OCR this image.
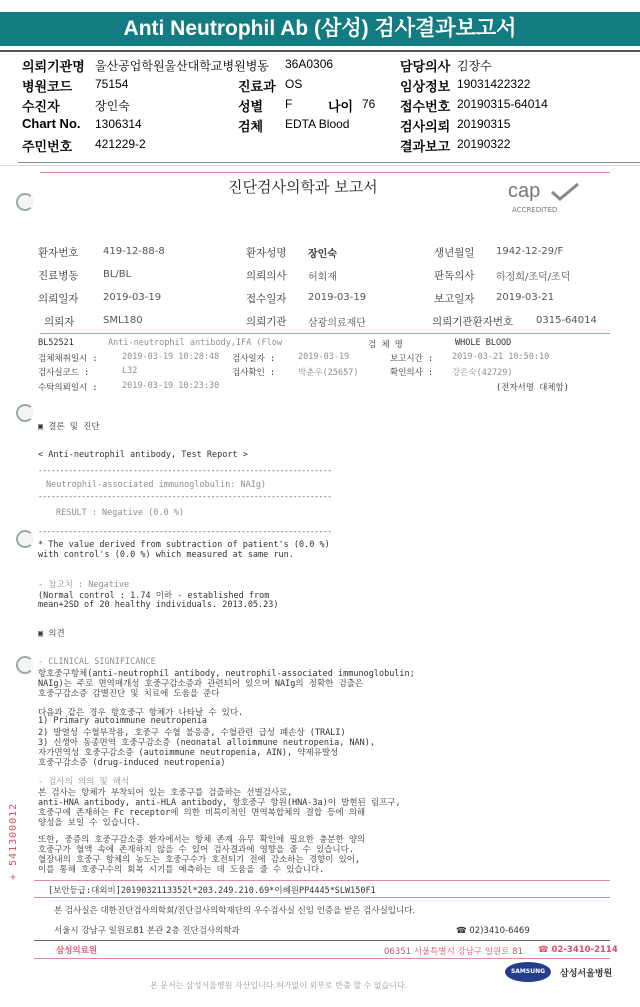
Anti Neutrophil Ab (삼성) 검사결과보고서
의뢰기관명 울산공업학원울산대학교병원병동 36A0306	담당의사 김장수
병원코드 75154	진료과 OS	임상정보 19031422322
수진자	장인숙	성별 F	나이 76 접수번호 20190315-64014
Chart No. 1306314	검체 EDTA Blood	검사의뢰 20190315
주민번호 421229-2	결과보고 20190322
진단검사의학과 보고서	cap
ACCREDITED
환자번호 419-12-88-8	환자성명 장인숙	생년월일 1942-12-29/F
진료병동 BL/BL	의뢰의사 허회재	판독의사 하정희/조덕/조덕
의뢰일자 2019-03-19	접수일자 2019-03-19	보고일자 2019-03-21
의뢰자	SML180	의뢰기관 삼광의료재단	의뢰기관환자번호 0315-64014
BL52521	Anti-neutrophil antibody,IFA (Flow	검 체 명	WHOLE BLOOD
검체채취일시 :	2019-03-19 10:28:48 검사일자 :	2019-03-19	보고시간 : 2019-03-21 10:50:10
검사실코드 :	L32	검사확인 :	박춘우(25657)	확인의사 : 강은숙(42729)
수탁의뢰일시 :	2019-03-19 10:23:30	(전자서명 대체함)
▣ 결론 및 진단
< Anti-neutrophil antibody, Test Report >
--------------------------------------------------------------------
Neutrophil-associated immunoglobulin: NAIg)
--------------------------------------------------------------------
RESULT : Negative (0.0 %)
--------------------------------------------------------------------
* The value derived from subtraction of patient's (0.0 %)
with control's (0.0 %) which measured at same run.
- 참고치 : Negative
(Normal control : 1.74 이하 - established from
mean+2SD of 20 healthy individuals. 2013.05.23)
▣ 의견
- CLINICAL SIGNIFICANCE
항호중구항체(anti-neutrophil antibody, neutrophil-associated immunoglobulin;
NAIg)는 주로 면역매개성 호중구감소증과 관련되어 있으며 NAIg의 정확한 검출은
호중구감소증 감별진단 및 치료에 도움을 준다
다음과 같은 경우 항호중구 항체가 나타날 수 있다.
1) Primary autoimmune neutropenia
2) 발열성 수혈부작용, 호중구 수혈 불응증, 수혈관련 급성 폐손상 (TRALI)
3) 신생아 동종면역 호중구감소증 (neonatal alloimmune neutropenia, NAN),
자가면역성 호중구감소증 (autoimmune neutropenia, AIN), 약제유발성
호중구감소증 (drug-induced neutropenia)
- 검사의 의의 및 해석
본 검사는 항체가 부착되어 있는 호중구를 검출하는 선별검사로,
anti-HNA antibody, anti-HLA antibody, 항호중구 항원(HNA-3a)이 발현된 림프구,
호중구에 존재하는 Fc receptor에 의한 비특이적인 면역복합체의 결합 등에 의해
양성을 보일 수 있습니다.
또한, 중증의 호중구감소증 환자에서는 항체 존재 유무 확인에 필요한 충분한 양의
호중구가 혈액 속에 존재하지 않을 수 있어 검사결과에 영향을 줄 수 있습니다.
혈장내의 호중구 항체의 농도는 호중구수가 호전되기 전에 감소하는 경향이 있어,
이를 통해 호중구수의 회복 시기를 예측하는 데 도움을 줄 수 있습니다.
+ 541300012
[보안등급:대외비]2019032113352l*203.249.210.69*이혜원PP4445*SLW150F1
본 검사실은 대한진단검사의학회/진단검사의학재단의 우수검사실 신임 인증을 받은 검사실입니다.
서울시 강남구 일원로81 본관 2층 진단검사의학과	☎ 02)3410-6469
삼성의료원	06351 서울특별시 강남구 일원로 81 ☎ 02-3410-2114
SAMSUNG	삼성서울병원
본 문서는 삼성서울병원 자산입니다.허가없이 외부로 반출 할 수 없습니다.
